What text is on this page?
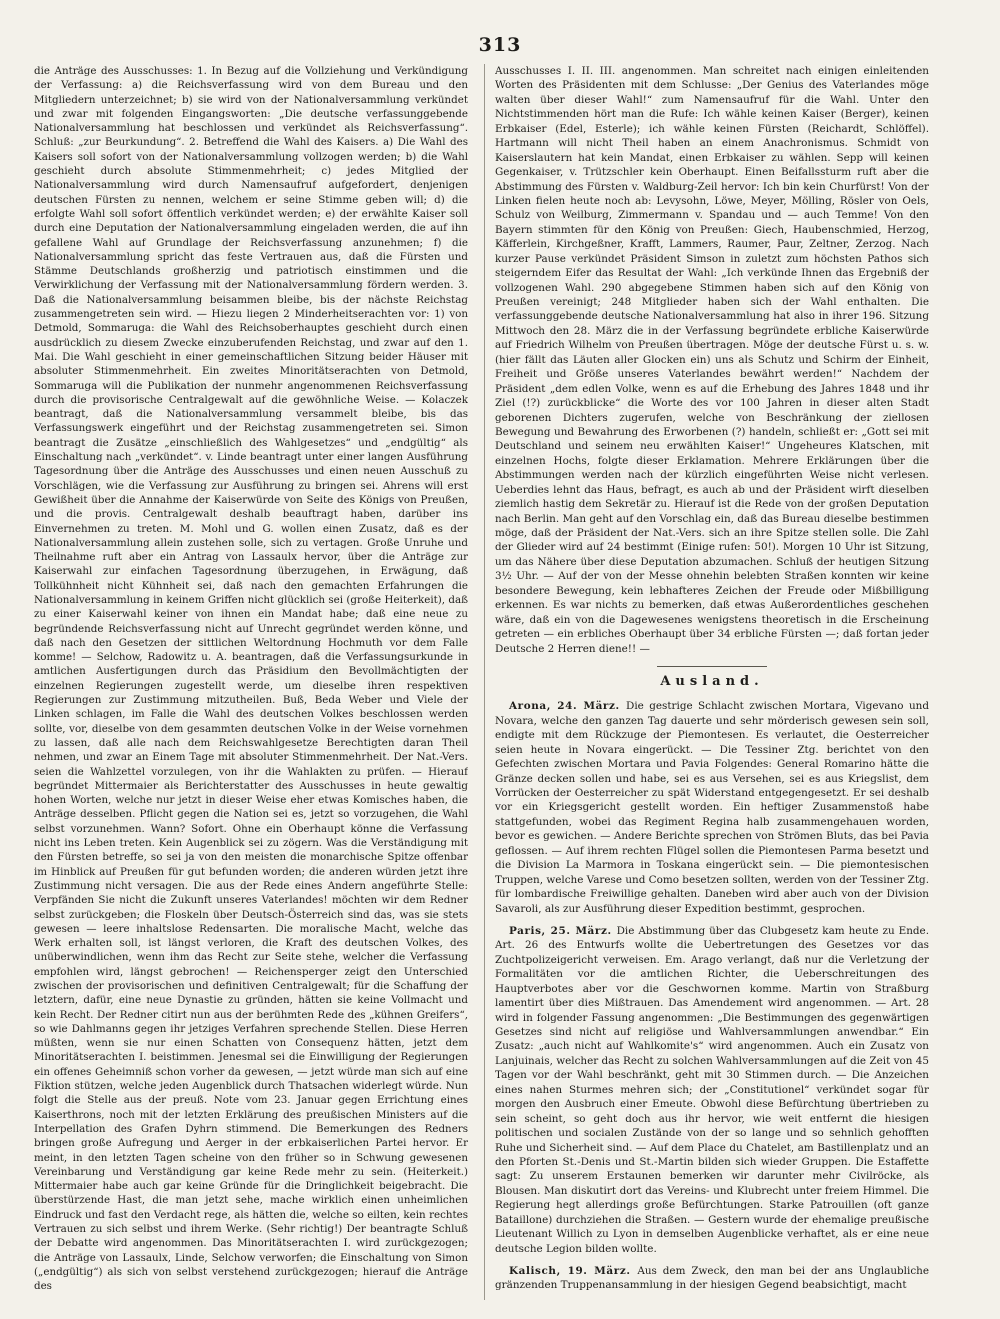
313

die Anträge des Ausschusses: 1. In Bezug auf die Vollziehung und Verkündigung der Verfassung: a) die Reichsverfassung wird von dem Bureau und den Mitgliedern unterzeichnet; b) sie wird von der Nationalversammlung verkündet und zwar mit folgenden Eingangsworten: „Die deutsche verfassunggebende Nationalversammlung hat beschlossen und verkündet als Reichsverfassung“. Schluß: „zur Beurkundung“. 2. Betreffend die Wahl des Kaisers. a) Die Wahl des Kaisers soll sofort von der Nationalversammlung vollzogen werden; b) die Wahl geschieht durch absolute Stimmenmehrheit; c) jedes Mitglied der Nationalversammlung wird durch Namensaufruf aufgefordert, denjenigen deutschen Fürsten zu nennen, welchem er seine Stimme geben will; d) die erfolgte Wahl soll sofort öffentlich verkündet werden; e) der erwählte Kaiser soll durch eine Deputation der Nationalversammlung eingeladen werden, die auf ihn gefallene Wahl auf Grundlage der Reichsverfassung anzunehmen; f) die Nationalversammlung spricht das feste Vertrauen aus, daß die Fürsten und Stämme Deutschlands großherzig und patriotisch einstimmen und die Verwirklichung der Verfassung mit der Nationalversammlung fördern werden. 3. Daß die Nationalversammlung beisammen bleibe, bis der nächste Reichstag zusammengetreten sein wird. — Hiezu liegen 2 Minderheitserachten vor: 1) von Detmold, Sommaruga: die Wahl des Reichsoberhauptes geschieht durch einen ausdrücklich zu diesem Zwecke einzuberufenden Reichstag, und zwar auf den 1. Mai. Die Wahl geschieht in einer gemeinschaftlichen Sitzung beider Häuser mit absoluter Stimmenmehrheit. Ein zweites Minoritätserachten von Detmold, Sommaruga will die Publikation der nunmehr angenommenen Reichsverfassung durch die provisorische Centralgewalt auf die gewöhnliche Weise. — Kolaczek beantragt, daß die Nationalversammlung versammelt bleibe, bis das Verfassungswerk eingeführt und der Reichstag zusammengetreten sei. Simon beantragt die Zusätze „einschließlich des Wahlgesetzes“ und „endgültig“ als Einschaltung nach „verkündet“. v. Linde beantragt unter einer langen Ausführung Tagesordnung über die Anträge des Ausschusses und einen neuen Ausschuß zu Vorschlägen, wie die Verfassung zur Ausführung zu bringen sei. Ahrens will erst Gewißheit über die Annahme der Kaiserwürde von Seite des Königs von Preußen, und die provis. Centralgewalt deshalb beauftragt haben, darüber ins Einvernehmen zu treten. M. Mohl und G. wollen einen Zusatz, daß es der Nationalversammlung allein zustehen solle, sich zu vertagen. Große Unruhe und Theilnahme ruft aber ein Antrag von Lassaulx hervor, über die Anträge zur Kaiserwahl zur einfachen Tagesordnung überzugehen, in Erwägung, daß Tollkühnheit nicht Kühnheit sei, daß nach den gemachten Erfahrungen die Nationalversammlung in keinem Griffen nicht glücklich sei (große Heiterkeit), daß zu einer Kaiserwahl keiner von ihnen ein Mandat habe; daß eine neue zu begründende Reichsverfassung nicht auf Unrecht gegründet werden könne, und daß nach den Gesetzen der sittlichen Weltordnung Hochmuth vor dem Falle komme! — Selchow, Radowitz u. A. beantragen, daß die Verfassungsurkunde in amtlichen Ausfertigungen durch das Präsidium den Bevollmächtigten der einzelnen Regierungen zugestellt werde, um dieselbe ihren respektiven Regierungen zur Zustimmung mitzutheilen. Buß, Beda Weber und Viele der Linken schlagen, im Falle die Wahl des deutschen Volkes beschlossen werden sollte, vor, dieselbe von dem gesammten deutschen Volke in der Weise vornehmen zu lassen, daß alle nach dem Reichswahlgesetze Berechtigten daran Theil nehmen, und zwar an Einem Tage mit absoluter Stimmenmehrheit. Der Nat.-Vers. seien die Wahlzettel vorzulegen, von ihr die Wahlakten zu prüfen. — Hierauf begründet Mittermaier als Berichterstatter des Ausschusses in heute gewaltig hohen Worten, welche nur jetzt in dieser Weise eher etwas Komisches haben, die Anträge desselben. Pflicht gegen die Nation sei es, jetzt so vorzugehen, die Wahl selbst vorzunehmen. Wann? Sofort. Ohne ein Oberhaupt könne die Verfassung nicht ins Leben treten. Kein Augenblick sei zu zögern. Was die Verständigung mit den Fürsten betreffe, so sei ja von den meisten die monarchische Spitze offenbar im Hinblick auf Preußen für gut befunden worden; die anderen würden jetzt ihre Zustimmung nicht versagen. Die aus der Rede eines Andern angeführte Stelle: Verpfänden Sie nicht die Zukunft unseres Vaterlandes! möchten wir dem Redner selbst zurückgeben; die Floskeln über Deutsch-Österreich sind das, was sie stets gewesen — leere inhaltslose Redensarten. Die moralische Macht, welche das Werk erhalten soll, ist längst verloren, die Kraft des deutschen Volkes, des unüberwindlichen, wenn ihm das Recht zur Seite stehe, welcher die Verfassung empfohlen wird, längst gebrochen! — Reichensperger zeigt den Unterschied zwischen der provisorischen und definitiven Centralgewalt; für die Schaffung der letztern, dafür, eine neue Dynastie zu gründen, hätten sie keine Vollmacht und kein Recht. Der Redner citirt nun aus der berühmten Rede des „kühnen Greifers“, so wie Dahlmanns gegen ihr jetziges Verfahren sprechende Stellen. Diese Herren müßten, wenn sie nur einen Schatten von Consequenz hätten, jetzt dem Minoritätserachten I. beistimmen. Jenesmal sei die Einwilligung der Regierungen ein offenes Geheimniß schon vorher da gewesen, — jetzt würde man sich auf eine Fiktion stützen, welche jeden Augenblick durch Thatsachen widerlegt würde. Nun folgt die Stelle aus der preuß. Note vom 23. Januar gegen Errichtung eines Kaiserthrons, noch mit der letzten Erklärung des preußischen Ministers auf die Interpellation des Grafen Dyhrn stimmend. Die Bemerkungen des Redners bringen große Aufregung und Aerger in der erbkaiserlichen Partei hervor. Er meint, in den letzten Tagen scheine von den früher so in Schwung gewesenen Vereinbarung und Verständigung gar keine Rede mehr zu sein. (Heiterkeit.) Mittermaier habe auch gar keine Gründe für die Dringlichkeit beigebracht. Die überstürzende Hast, die man jetzt sehe, mache wirklich einen unheimlichen Eindruck und fast den Verdacht rege, als hätten die, welche so eilten, kein rechtes Vertrauen zu sich selbst und ihrem Werke. (Sehr richtig!) Der beantragte Schluß der Debatte wird angenommen. Das Minoritätserachten I. wird zurückgezogen; die Anträge von Lassaulx, Linde, Selchow verworfen; die Einschaltung von Simon („endgültig“) als sich von selbst verstehend zurückgezogen; hierauf die Anträge des

Ausschusses I. II. III. angenommen. Man schreitet nach einigen einleitenden Worten des Präsidenten mit dem Schlusse: „Der Genius des Vaterlandes möge walten über dieser Wahl!“ zum Namensaufruf für die Wahl. Unter den Nichtstimmenden hört man die Rufe: Ich wähle keinen Kaiser (Berger), keinen Erbkaiser (Edel, Esterle); ich wähle keinen Fürsten (Reichardt, Schlöffel). Hartmann will nicht Theil haben an einem Anachronismus. Schmidt von Kaiserslautern hat kein Mandat, einen Erbkaiser zu wählen. Sepp will keinen Gegenkaiser, v. Trützschler kein Oberhaupt. Einen Beifallssturm ruft aber die Abstimmung des Fürsten v. Waldburg-Zeil hervor: Ich bin kein Churfürst! Von der Linken fielen heute noch ab: Levysohn, Löwe, Meyer, Mölling, Rösler von Oels, Schulz von Weilburg, Zimmermann v. Spandau und — auch Temme! Von den Bayern stimmten für den König von Preußen: Giech, Haubenschmied, Herzog, Käfferlein, Kirchgeßner, Krafft, Lammers, Raumer, Paur, Zeltner, Zerzog. Nach kurzer Pause verkündet Präsident Simson in zuletzt zum höchsten Pathos sich steigerndem Eifer das Resultat der Wahl: „Ich verkünde Ihnen das Ergebniß der vollzogenen Wahl. 290 abgegebene Stimmen haben sich auf den König von Preußen vereinigt; 248 Mitglieder haben sich der Wahl enthalten. Die verfassunggebende deutsche Nationalversammlung hat also in ihrer 196. Sitzung Mittwoch den 28. März die in der Verfassung begründete erbliche Kaiserwürde auf Friedrich Wilhelm von Preußen übertragen. Möge der deutsche Fürst u. s. w. (hier fällt das Läuten aller Glocken ein) uns als Schutz und Schirm der Einheit, Freiheit und Größe unseres Vaterlandes bewährt werden!“ Nachdem der Präsident „dem edlen Volke, wenn es auf die Erhebung des Jahres 1848 und ihr Ziel (!?) zurückblicke“ die Worte des vor 100 Jahren in dieser alten Stadt geborenen Dichters zugerufen, welche von Beschränkung der ziellosen Bewegung und Bewahrung des Erworbenen (?) handeln, schließt er: „Gott sei mit Deutschland und seinem neu erwählten Kaiser!“ Ungeheures Klatschen, mit einzelnen Hochs, folgte dieser Erklamation. Mehrere Erklärungen über die Abstimmungen werden nach der kürzlich eingeführten Weise nicht verlesen. Ueberdies lehnt das Haus, befragt, es auch ab und der Präsident wirft dieselben ziemlich hastig dem Sekretär zu. Hierauf ist die Rede von der großen Deputation nach Berlin. Man geht auf den Vorschlag ein, daß das Bureau dieselbe bestimmen möge, daß der Präsident der Nat.-Vers. sich an ihre Spitze stellen solle. Die Zahl der Glieder wird auf 24 bestimmt (Einige rufen: 50!). Morgen 10 Uhr ist Sitzung, um das Nähere über diese Deputation abzumachen. Schluß der heutigen Sitzung 3½ Uhr. — Auf der von der Messe ohnehin belebten Straßen konnten wir keine besondere Bewegung, kein lebhafteres Zeichen der Freude oder Mißbilligung erkennen. Es war nichts zu bemerken, daß etwas Außerordentliches geschehen wäre, daß ein von die Dagewesenes wenigstens theoretisch in die Erscheinung getreten — ein erbliches Oberhaupt über 34 erbliche Fürsten —; daß fortan jeder Deutsche 2 Herren diene!! —

Ausland.

Arona, 24. März. Die gestrige Schlacht zwischen Mortara, Vigevano und Novara, welche den ganzen Tag dauerte und sehr mörderisch gewesen sein soll, endigte mit dem Rückzuge der Piemontesen. Es verlautet, die Oesterreicher seien heute in Novara eingerückt. — Die Tessiner Ztg. berichtet von den Gefechten zwischen Mortara und Pavia Folgendes: General Romarino hätte die Gränze decken sollen und habe, sei es aus Versehen, sei es aus Kriegslist, dem Vorrücken der Oesterreicher zu spät Widerstand entgegengesetzt. Er sei deshalb vor ein Kriegsgericht gestellt worden. Ein heftiger Zusammenstoß habe stattgefunden, wobei das Regiment Regina halb zusammengehauen worden, bevor es gewichen. — Andere Berichte sprechen von Strömen Bluts, das bei Pavia geflossen. — Auf ihrem rechten Flügel sollen die Piemontesen Parma besetzt und die Division La Marmora in Toskana eingerückt sein. — Die piemontesischen Truppen, welche Varese und Como besetzen sollten, werden von der Tessiner Ztg. für lombardische Freiwillige gehalten. Daneben wird aber auch von der Division Savaroli, als zur Ausführung dieser Expedition bestimmt, gesprochen.

Paris, 25. März. Die Abstimmung über das Clubgesetz kam heute zu Ende. Art. 26 des Entwurfs wollte die Uebertretungen des Gesetzes vor das Zuchtpolizeigericht verweisen. Em. Arago verlangt, daß nur die Verletzung der Formalitäten vor die amtlichen Richter, die Ueberschreitungen des Hauptverbotes aber vor die Geschwornen komme. Martin von Straßburg lamentirt über dies Mißtrauen. Das Amendement wird angenommen. — Art. 28 wird in folgender Fassung angenommen: „Die Bestimmungen des gegenwärtigen Gesetzes sind nicht auf religiöse und Wahlversammlungen anwendbar.“ Ein Zusatz: „auch nicht auf Wahlkomite's“ wird angenommen. Auch ein Zusatz von Lanjuinais, welcher das Recht zu solchen Wahlversammlungen auf die Zeit von 45 Tagen vor der Wahl beschränkt, geht mit 30 Stimmen durch. — Die Anzeichen eines nahen Sturmes mehren sich; der „Constitutionel“ verkündet sogar für morgen den Ausbruch einer Emeute. Obwohl diese Befürchtung übertrieben zu sein scheint, so geht doch aus ihr hervor, wie weit entfernt die hiesigen politischen und socialen Zustände von der so lange und so sehnlich gehofften Ruhe und Sicherheit sind. — Auf dem Place du Chatelet, am Bastillenplatz und an den Pforten St.-Denis und St.-Martin bilden sich wieder Gruppen. Die Estaffette sagt: Zu unserem Erstaunen bemerken wir darunter mehr Civilröcke, als Blousen. Man diskutirt dort das Vereins- und Klubrecht unter freiem Himmel. Die Regierung hegt allerdings große Befürchtungen. Starke Patrouillen (oft ganze Bataillone) durchziehen die Straßen. — Gestern wurde der ehemalige preußische Lieutenant Willich zu Lyon in demselben Augenblicke verhaftet, als er eine neue deutsche Legion bilden wollte.

Kalisch, 19. März. Aus dem Zweck, den man bei der ans Unglaubliche gränzenden Truppenansammlung in der hiesigen Gegend beabsichtigt, macht
